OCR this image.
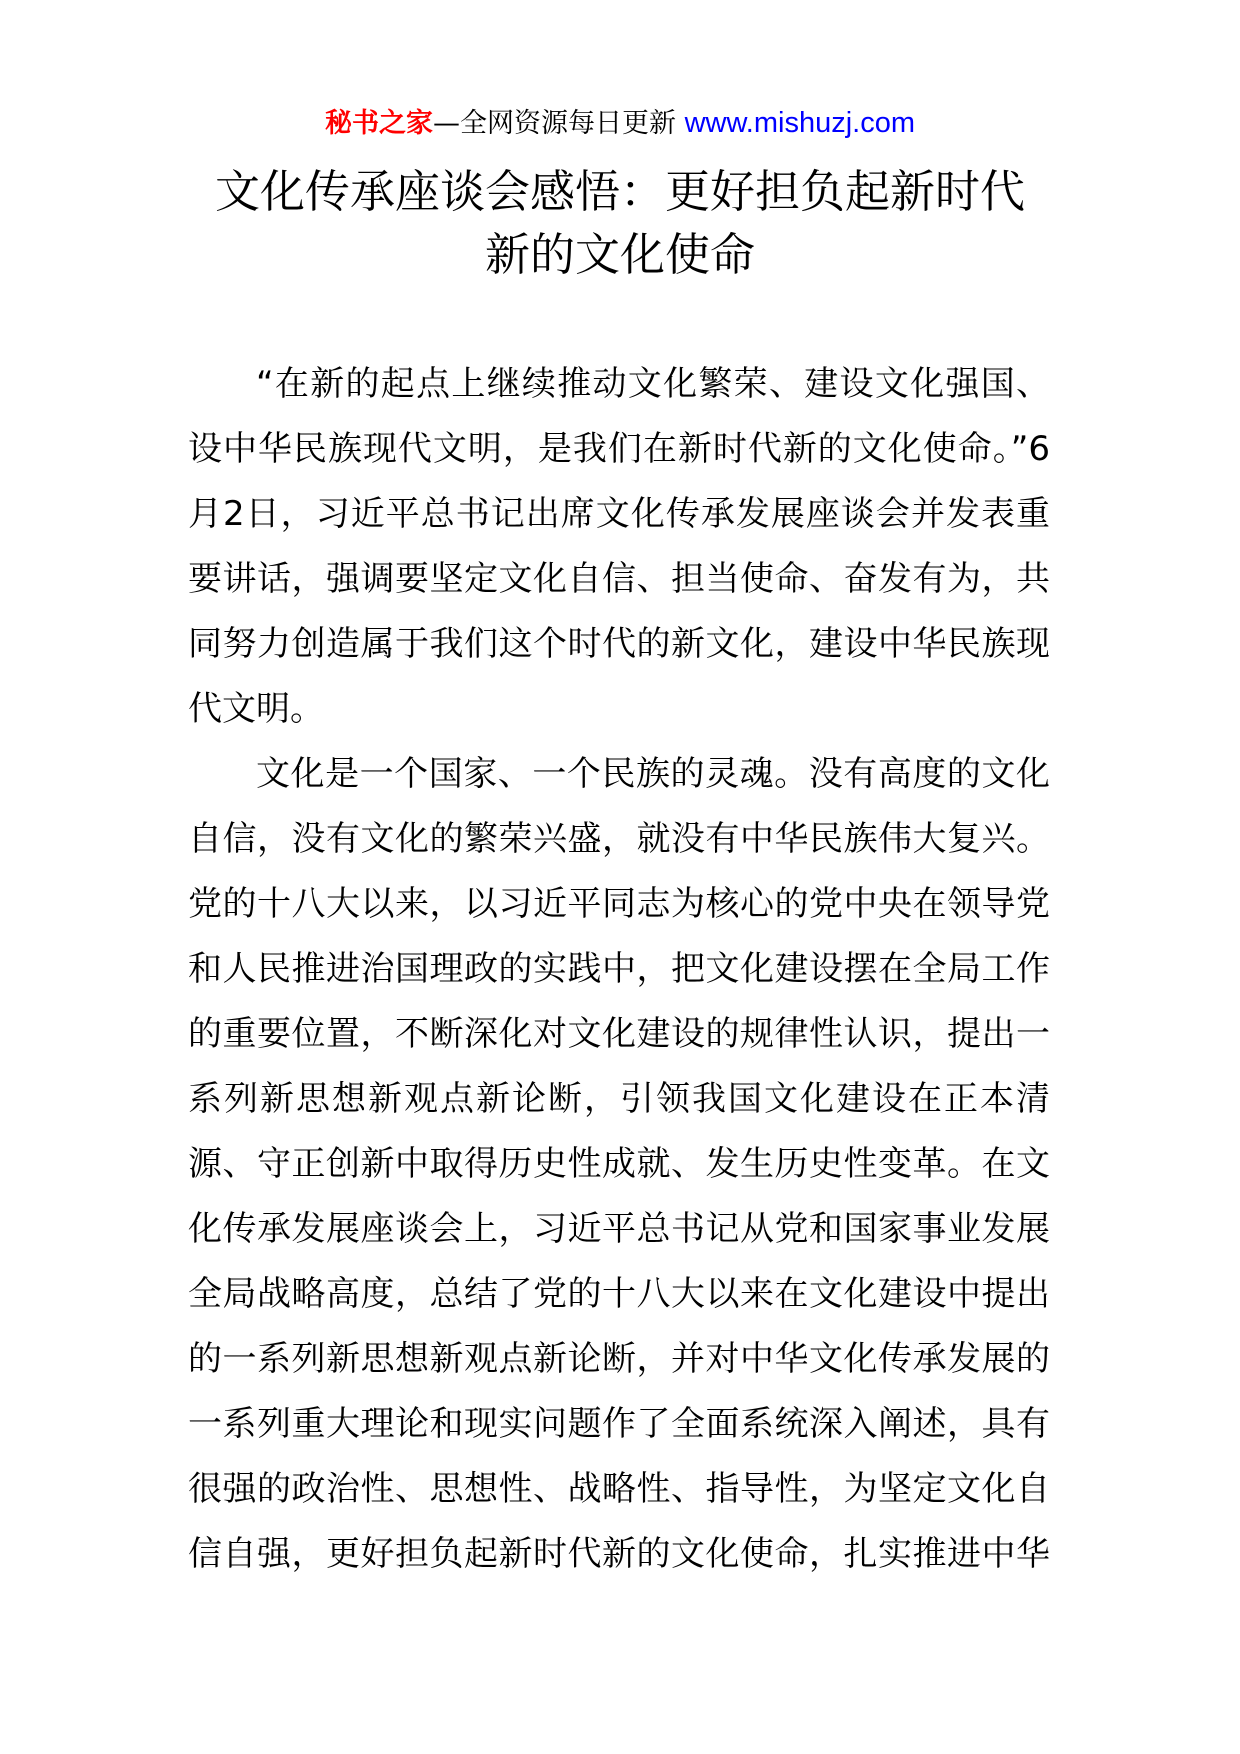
秘书之家—全网资源每日更新 www.mishuzj.com
文化传承座谈会感悟：更好担负起新时代
新的文化使命
“在新的起点上继续推动文化繁荣、建设文化强国、
设中华民族现代文明，是我们在新时代新的文化使命。”6
月2日，习近平总书记出席文化传承发展座谈会并发表重
要讲话，强调要坚定文化自信、担当使命、奋发有为，共
同努力创造属于我们这个时代的新文化，建设中华民族现
代文明。
文化是一个国家、一个民族的灵魂。没有高度的文化
自信，没有文化的繁荣兴盛，就没有中华民族伟大复兴。
党的十八大以来，以习近平同志为核心的党中央在领导党
和人民推进治国理政的实践中，把文化建设摆在全局工作
的重要位置，不断深化对文化建设的规律性认识，提出一
系列新思想新观点新论断，引领我国文化建设在正本清
源、守正创新中取得历史性成就、发生历史性变革。在文
化传承发展座谈会上，习近平总书记从党和国家事业发展
全局战略高度，总结了党的十八大以来在文化建设中提出
的一系列新思想新观点新论断，并对中华文化传承发展的
一系列重大理论和现实问题作了全面系统深入阐述，具有
很强的政治性、思想性、战略性、指导性，为坚定文化自
信自强，更好担负起新时代新的文化使命，扎实推进中华
